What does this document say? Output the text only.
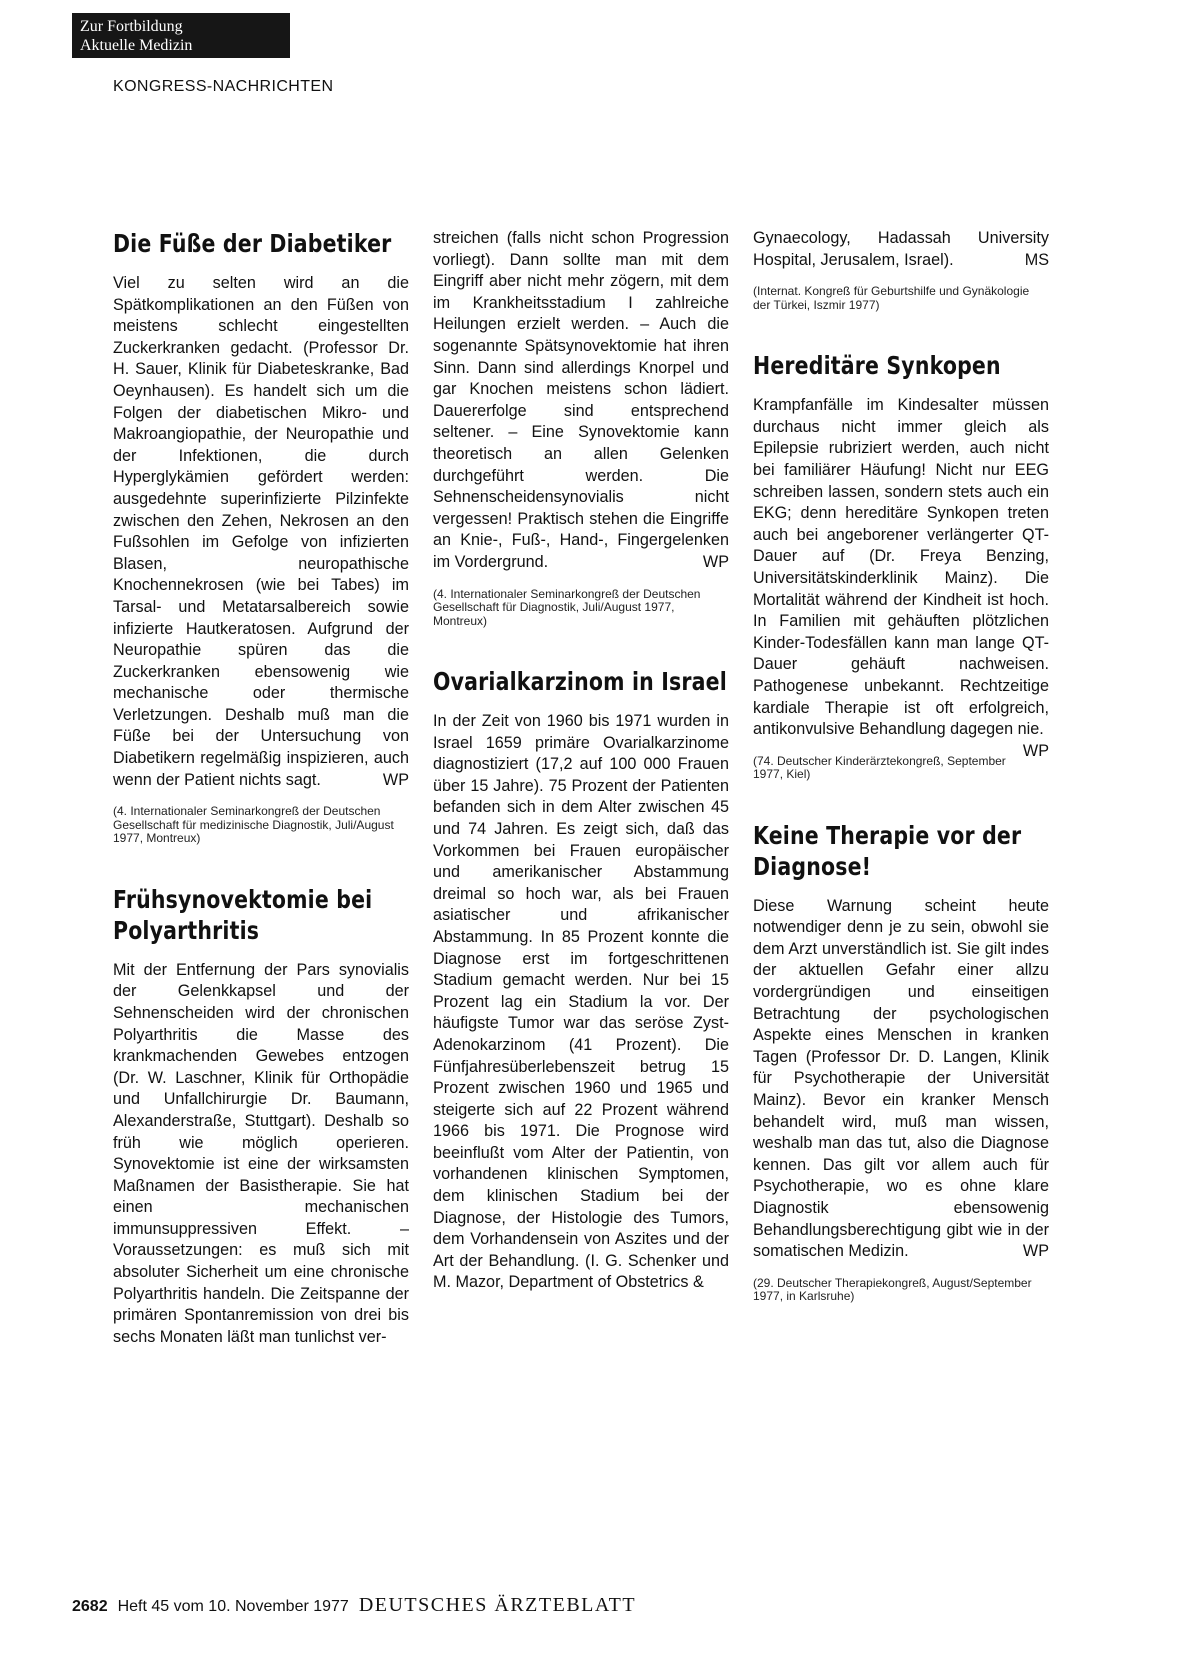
Zur Fortbildung
Aktuelle Medizin
KONGRESS-NACHRICHTEN
Die Füße der Diabetiker

Viel zu selten wird an die Spätkomplikationen an den Füßen von meistens schlecht eingestellten Zuckerkranken gedacht. (Professor Dr. H. Sauer, Klinik für Diabeteskranke, Bad Oeynhausen). Es handelt sich um die Folgen der diabetischen Mikro- und Makroangiopathie, der Neuropathie und der Infektionen, die durch Hyperglykämien gefördert werden: ausgedehnte superinfizierte Pilzinfekte zwischen den Zehen, Nekrosen an den Fußsohlen im Gefolge von infizierten Blasen, neuropathische Knochennekrosen (wie bei Tabes) im Tarsal- und Metatarsalbereich sowie infizierte Hautkeratosen. Aufgrund der Neuropathie spüren das die Zuckerkranken ebensowenig wie mechanische oder thermische Verletzungen. Deshalb muß man die Füße bei der Untersuchung von Diabetikern regelmäßig inspizieren, auch wenn der Patient nichts sagt.	WP

(4. Internationaler Seminarkongreß der Deutschen Gesellschaft für medizinische Diagnostik, Juli/August 1977, Montreux)

Frühsynovektomie bei Polyarthritis

Mit der Entfernung der Pars synovialis der Gelenkkapsel und der Sehnenscheiden wird der chronischen Polyarthritis die Masse des krankmachenden Gewebes entzogen (Dr. W. Laschner, Klinik für Orthopädie und Unfallchirurgie Dr. Baumann, Alexanderstraße, Stuttgart). Deshalb so früh wie möglich operieren. Synovektomie ist eine der wirksamsten Maßnamen der Basistherapie. Sie hat einen mechanischen immunsuppressiven Effekt. – Voraussetzungen: es muß sich mit absoluter Sicherheit um eine chronische Polyarthritis handeln. Die Zeitspanne der primären Spontanremission von drei bis sechs Monaten läßt man tunlichst ver-

streichen (falls nicht schon Progression vorliegt). Dann sollte man mit dem Eingriff aber nicht mehr zögern, mit dem im Krankheitsstadium I zahlreiche Heilungen erzielt werden. – Auch die sogenannte Spätsynovektomie hat ihren Sinn. Dann sind allerdings Knorpel und gar Knochen meistens schon lädiert. Dauererfolge sind entsprechend seltener. – Eine Synovektomie kann theoretisch an allen Gelenken durchgeführt werden. Die Sehnenscheidensynovialis nicht vergessen! Praktisch stehen die Eingriffe an Knie-, Fuß-, Hand-, Fingergelenken im Vordergrund.	WP

(4. Internationaler Seminarkongreß der Deutschen Gesellschaft für Diagnostik, Juli/August 1977, Montreux)

Ovarialkarzinom in Israel

In der Zeit von 1960 bis 1971 wurden in Israel 1659 primäre Ovarialkarzinome diagnostiziert (17,2 auf 100 000 Frauen über 15 Jahre). 75 Prozent der Patienten befanden sich in dem Alter zwischen 45 und 74 Jahren. Es zeigt sich, daß das Vorkommen bei Frauen europäischer und amerikanischer Abstammung dreimal so hoch war, als bei Frauen asiatischer und afrikanischer Abstammung. In 85 Prozent konnte die Diagnose erst im fortgeschrittenen Stadium gemacht werden. Nur bei 15 Prozent lag ein Stadium la vor. Der häufigste Tumor war das seröse Zyst-Adenokarzinom (41 Prozent). Die Fünfjahresüberlebenszeit betrug 15 Prozent zwischen 1960 und 1965 und steigerte sich auf 22 Prozent während 1966 bis 1971. Die Prognose wird beeinflußt vom Alter der Patientin, von vorhandenen klinischen Symptomen, dem klinischen Stadium bei der Diagnose, der Histologie des Tumors, dem Vorhandensein von Aszites und der Art der Behandlung. (I. G. Schenker und M. Mazor, Department of Obstetrics &

Gynaecology, Hadassah University Hospital, Jerusalem, Israel).	MS

(Internat. Kongreß für Geburtshilfe und Gynäkologie der Türkei, Iszmir 1977)

Hereditäre Synkopen

Krampfanfälle im Kindesalter müssen durchaus nicht immer gleich als Epilepsie rubriziert werden, auch nicht bei familiärer Häufung! Nicht nur EEG schreiben lassen, sondern stets auch ein EKG; denn hereditäre Synkopen treten auch bei angeborener verlängerter QT-Dauer auf (Dr. Freya Benzing, Universitätskinderklinik Mainz). Die Mortalität während der Kindheit ist hoch. In Familien mit gehäuften plötzlichen Kinder-Todesfällen kann man lange QT-Dauer gehäuft nachweisen. Pathogenese unbekannt. Rechtzeitige kardiale Therapie ist oft erfolgreich, antikonvulsive Behandlung dagegen nie.
WP

(74. Deutscher Kinderärztekongreß, September 1977, Kiel)

Keine Therapie vor der Diagnose!

Diese Warnung scheint heute notwendiger denn je zu sein, obwohl sie dem Arzt unverständlich ist. Sie gilt indes der aktuellen Gefahr einer allzu vordergründigen und einseitigen Betrachtung der psychologischen Aspekte eines Menschen in kranken Tagen (Professor Dr. D. Langen, Klinik für Psychotherapie der Universität Mainz). Bevor ein kranker Mensch behandelt wird, muß man wissen, weshalb man das tut, also die Diagnose kennen. Das gilt vor allem auch für Psychotherapie, wo es ohne klare Diagnostik ebensowenig Behandlungsberechtigung gibt wie in der somatischen Medizin.	WP

(29. Deutscher Therapiekongreß, August/September 1977, in Karlsruhe)

2682 Heft 45 vom 10. November 1977 DEUTSCHES ÄRZTEBLATT
